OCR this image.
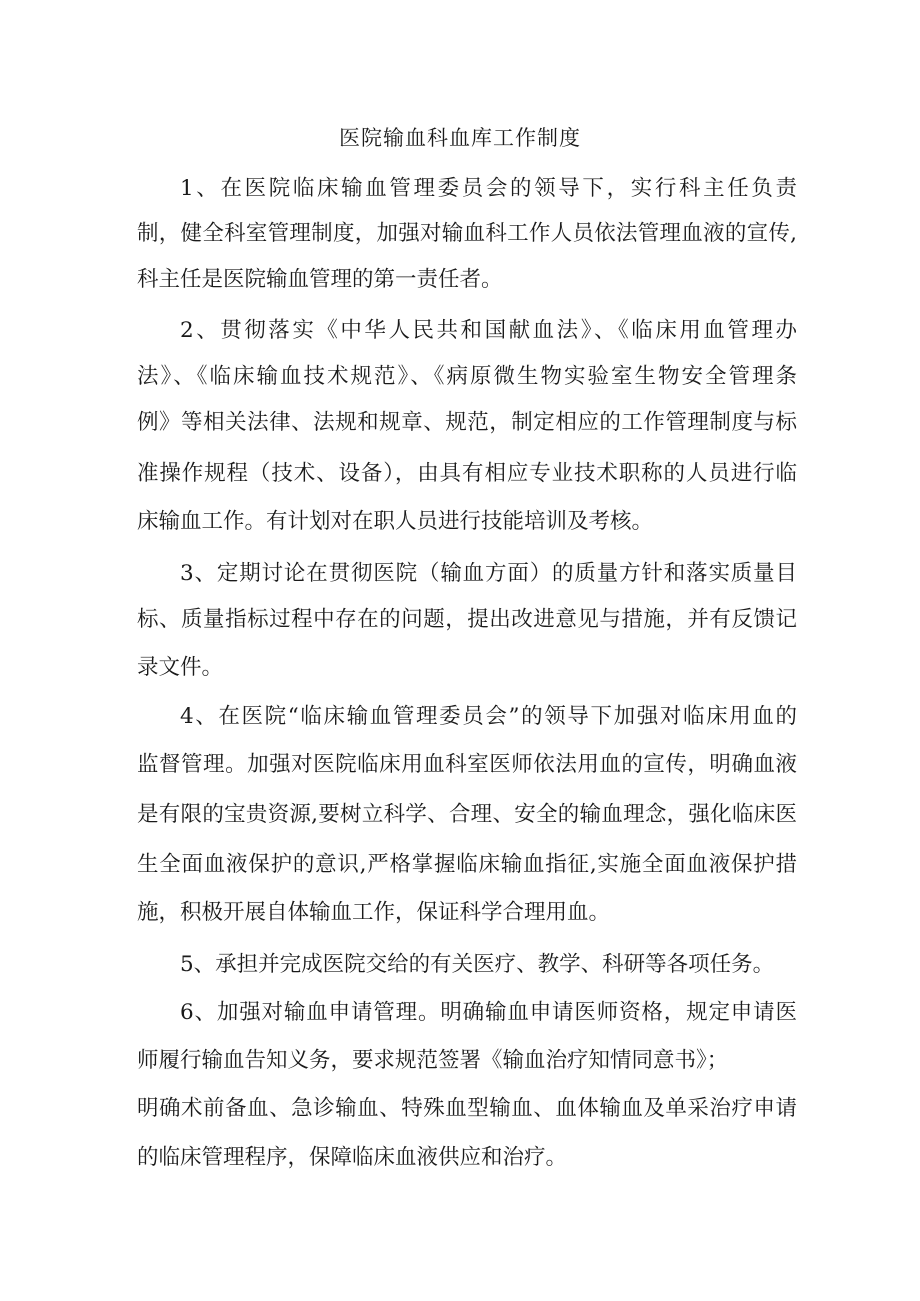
医院输血科血库工作制度
1、在医院临床输血管理委员会的领导下，实行科主任负责
制，健全科室管理制度，加强对输血科工作人员依法管理血液的宣传,
科主任是医院输血管理的第一责任者。
2、贯彻落实《中华人民共和国献血法》、《临床用血管理办
法》、《临床输血技术规范》、《病原微生物实验室生物安全管理条
例》等相关法律、法规和规章、规范，制定相应的工作管理制度与标
准操作规程（技术、设备），由具有相应专业技术职称的人员进行临
床输血工作。有计划对在职人员进行技能培训及考核。
3、定期讨论在贯彻医院（输血方面）的质量方针和落实质量目
标、质量指标过程中存在的问题，提出改进意见与措施，并有反馈记
录文件。
4、在医院“临床输血管理委员会”的领导下加强对临床用血的
监督管理。加强对医院临床用血科室医师依法用血的宣传，明确血液
是有限的宝贵资源,要树立科学、合理、安全的输血理念，强化临床医
生全面血液保护的意识,严格掌握临床输血指征,实施全面血液保护措
施，积极开展自体输血工作，保证科学合理用血。
5、承担并完成医院交给的有关医疗、教学、科研等各项任务。
6、加强对输血申请管理。明确输血申请医师资格，规定申请医
师履行输血告知义务，要求规范签署《输血治疗知情同意书》；
明确术前备血、急诊输血、特殊血型输血、血体输血及单采治疗申请
的临床管理程序，保障临床血液供应和治疗。
